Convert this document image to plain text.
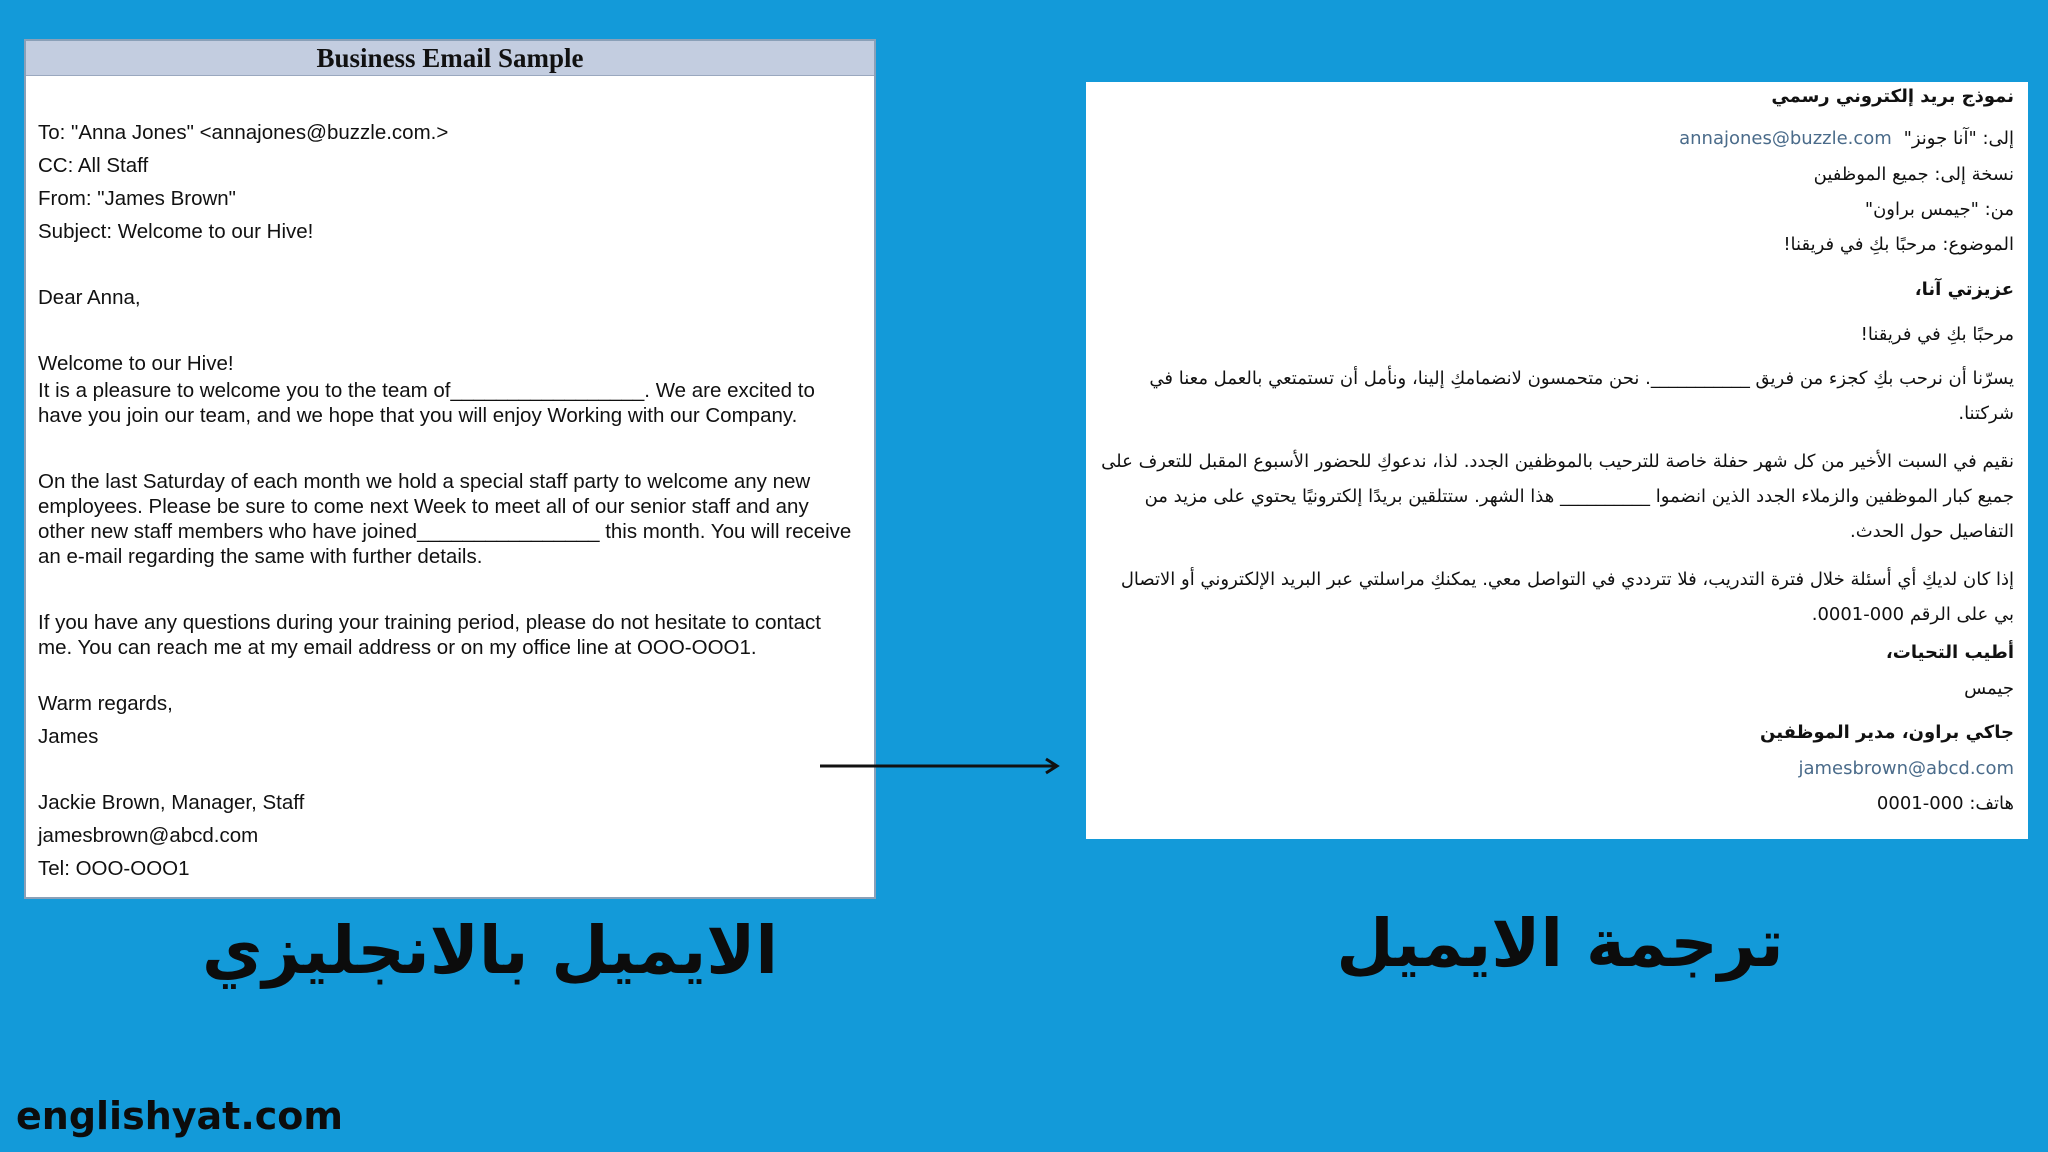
Business Email Sample
To: "Anna Jones" <annajones@buzzle.com.>
CC: All Staff
From: "James Brown"
Subject: Welcome to our Hive!
Dear Anna,
Welcome to our Hive!
It is a pleasure to welcome you to the team of_________________. We are excited to have you join our team, and we hope that you will enjoy Working with our Company.
On the last Saturday of each month we hold a special staff party to welcome any new employees. Please be sure to come next Week to meet all of our senior staff and any other new staff members who have joined________________ this month. You will receive an e-mail regarding the same with further details.
If you have any questions during your training period, please do not hesitate to contact me. You can reach me at my email address or on my office line at OOO-OOO1.
Warm regards,
James
Jackie Brown, Manager, Staff
jamesbrown@abcd.com
Tel: OOO-OOO1
نموذج بريد إلكتروني رسمي
إلى: "آنا جونز" annajones@buzzle.com
نسخة إلى: جميع الموظفين
من: "جيمس براون"
الموضوع: مرحبًا بكِ في فريقنا!
عزيزتي آنا،
مرحبًا بكِ في فريقنا!
يسرّنا أن نرحب بكِ كجزء من فريق ___________. نحن متحمسون لانضمامكِ إلينا، ونأمل أن تستمتعي بالعمل معنا في شركتنا.
نقيم في السبت الأخير من كل شهر حفلة خاصة للترحيب بالموظفين الجدد. لذا، ندعوكِ للحضور الأسبوع المقبل للتعرف على جميع كبار الموظفين والزملاء الجدد الذين انضموا __________ هذا الشهر. ستتلقين بريدًا إلكترونيًا يحتوي على مزيد من التفاصيل حول الحدث.
إذا كان لديكِ أي أسئلة خلال فترة التدريب، فلا تترددي في التواصل معي. يمكنكِ مراسلتي عبر البريد الإلكتروني أو الاتصال بي على الرقم 000-0001.
أطيب التحيات،
جيمس
جاكي براون، مدير الموظفين
jamesbrown@abcd.com
هاتف: 000-0001
الايميل بالانجليزي	ترجمة الايميل
englishyat.com
